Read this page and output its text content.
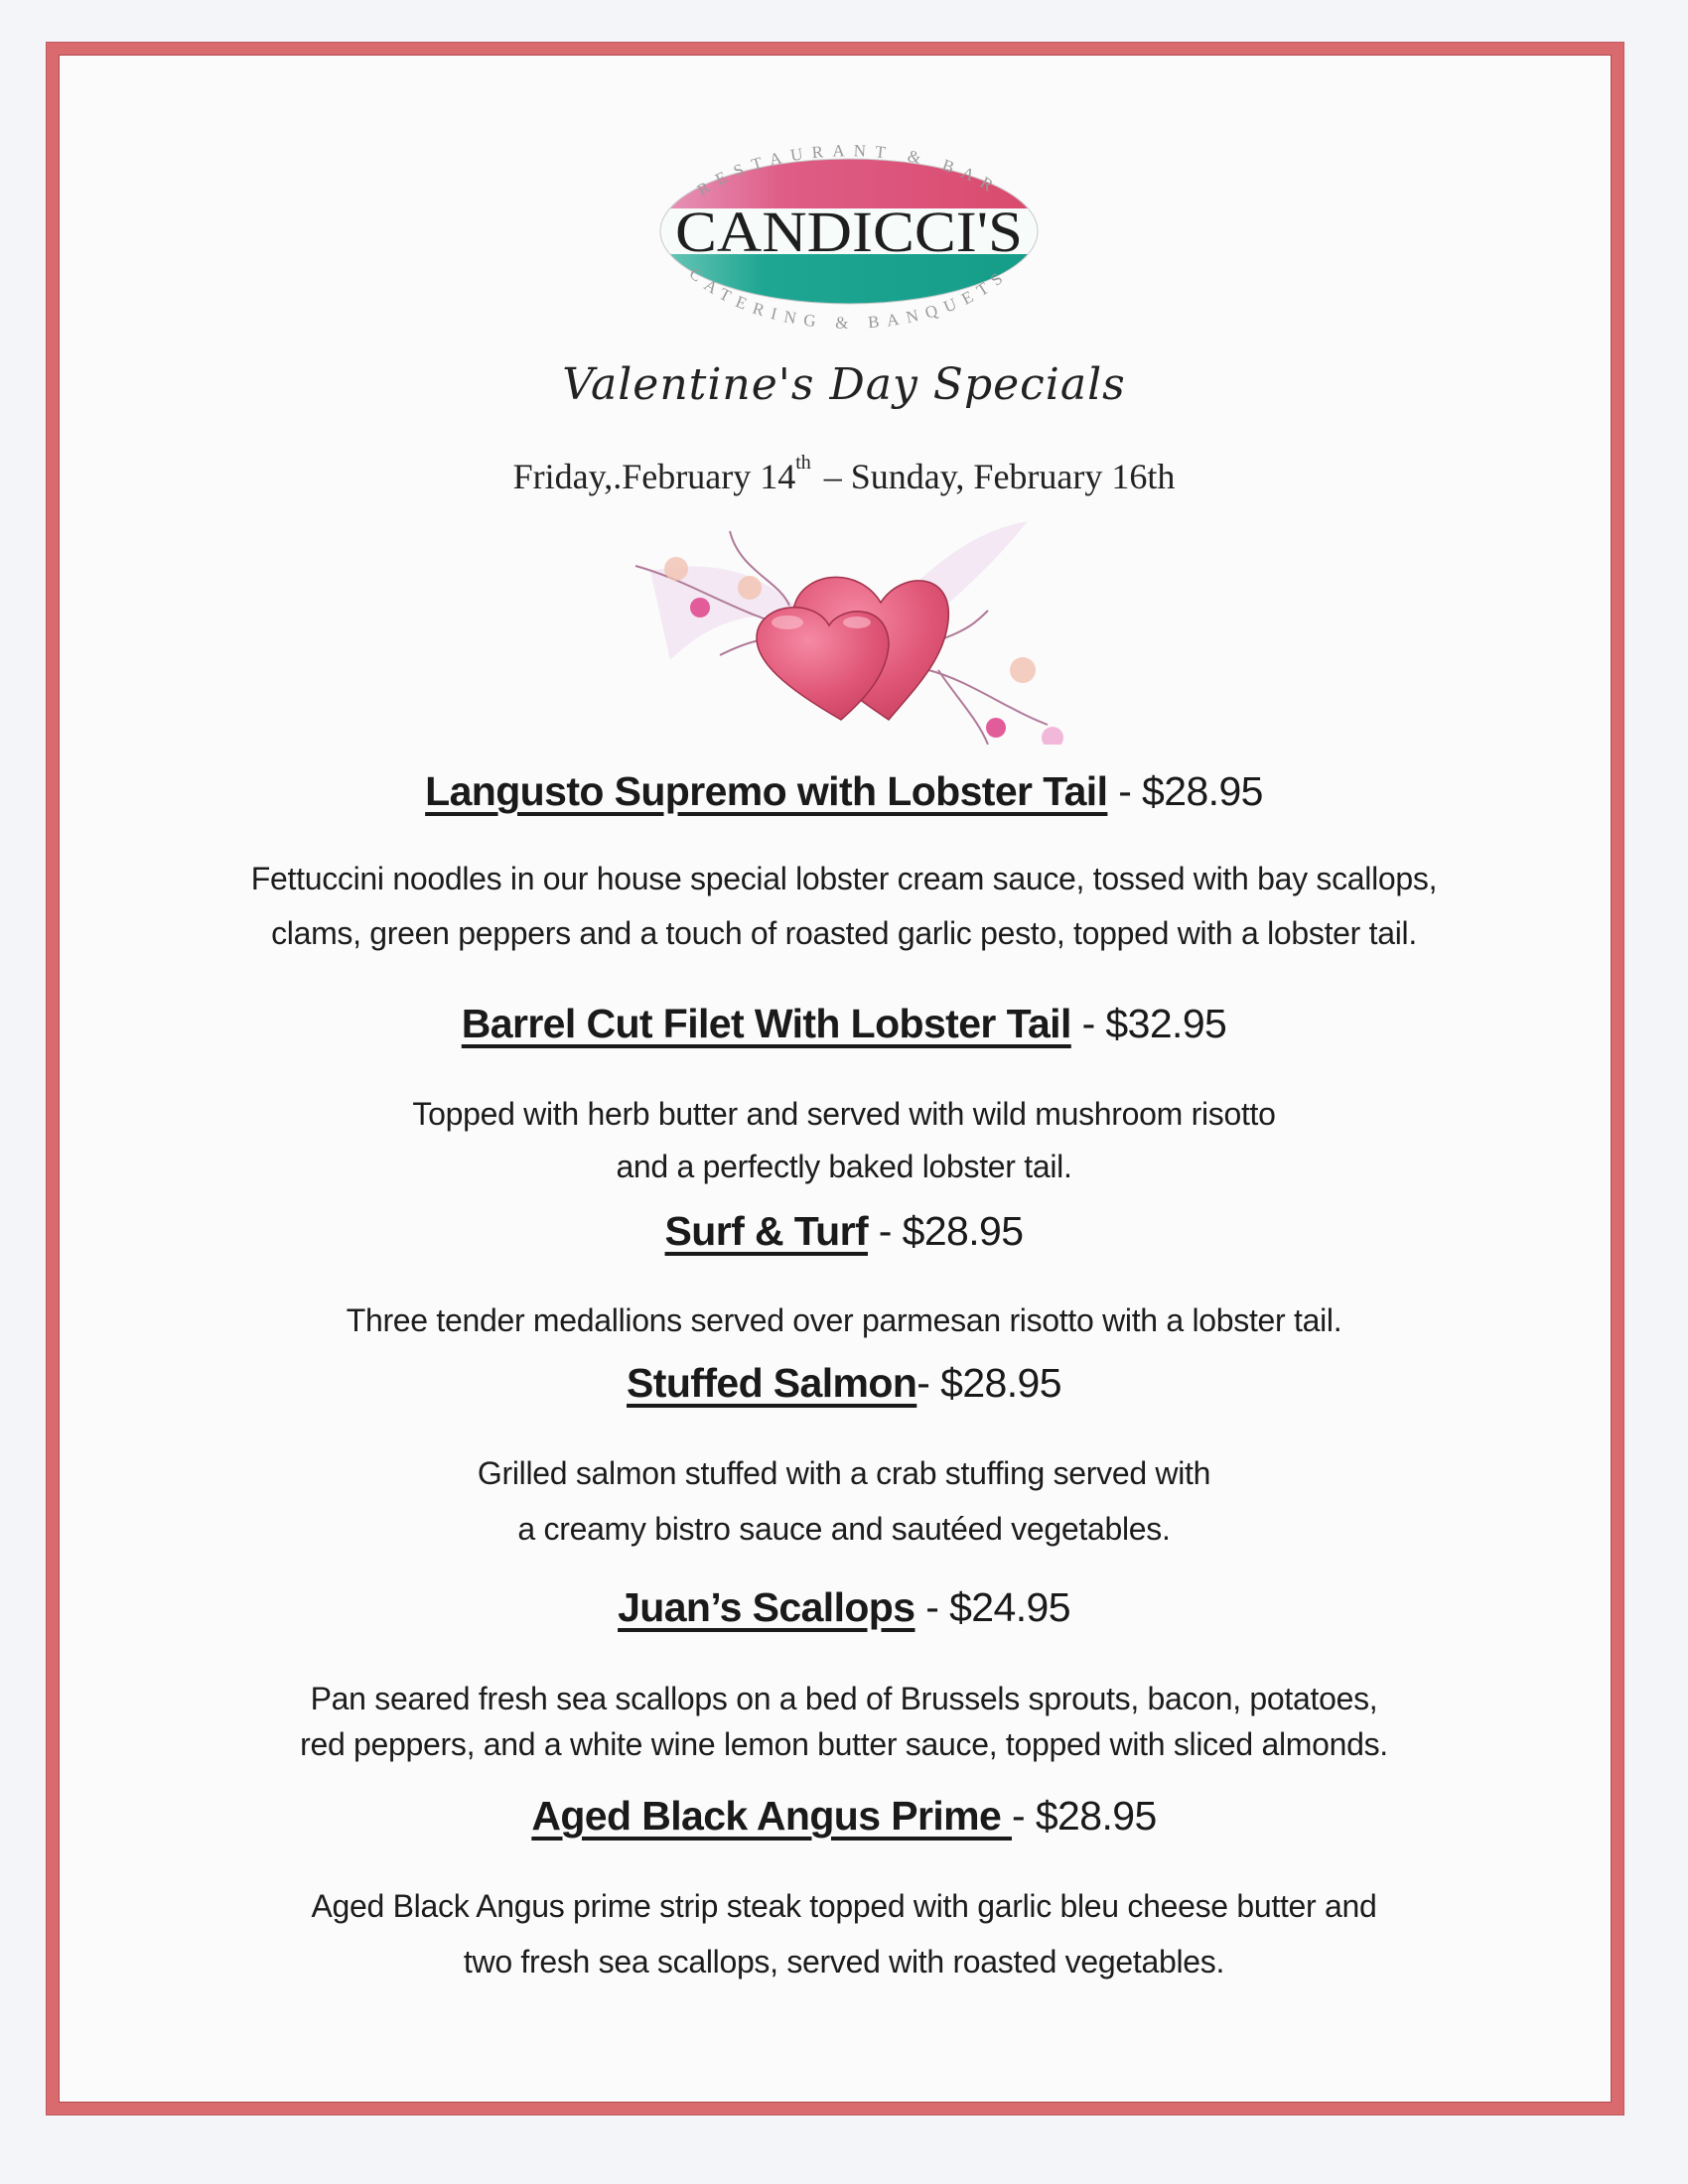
RESTAURANT & BAR
CATERING & BANQUETS
CANDICCI'S
Valentine's Day Specials
Friday,.February 14th – Sunday, February 16th
Langusto Supremo with Lobster Tail - $28.95
Fettuccini noodles in our house special lobster cream sauce, tossed with bay scallops,
clams, green peppers and a touch of roasted garlic pesto, topped with a lobster tail.
Barrel Cut Filet With Lobster Tail - $32.95
Topped with herb butter and served with wild mushroom risotto
and a perfectly baked lobster tail.
Surf & Turf - $28.95
Three tender medallions served over parmesan risotto with a lobster tail.
Stuffed Salmon- $28.95
Grilled salmon stuffed with a crab stuffing served with
a creamy bistro sauce and sautéed vegetables.
Juan’s Scallops - $24.95
Pan seared fresh sea scallops on a bed of Brussels sprouts, bacon, potatoes,
red peppers, and a white wine lemon butter sauce, topped with sliced almonds.
Aged Black Angus Prime - $28.95
Aged Black Angus prime strip steak topped with garlic bleu cheese butter and
two fresh sea scallops, served with roasted vegetables.
